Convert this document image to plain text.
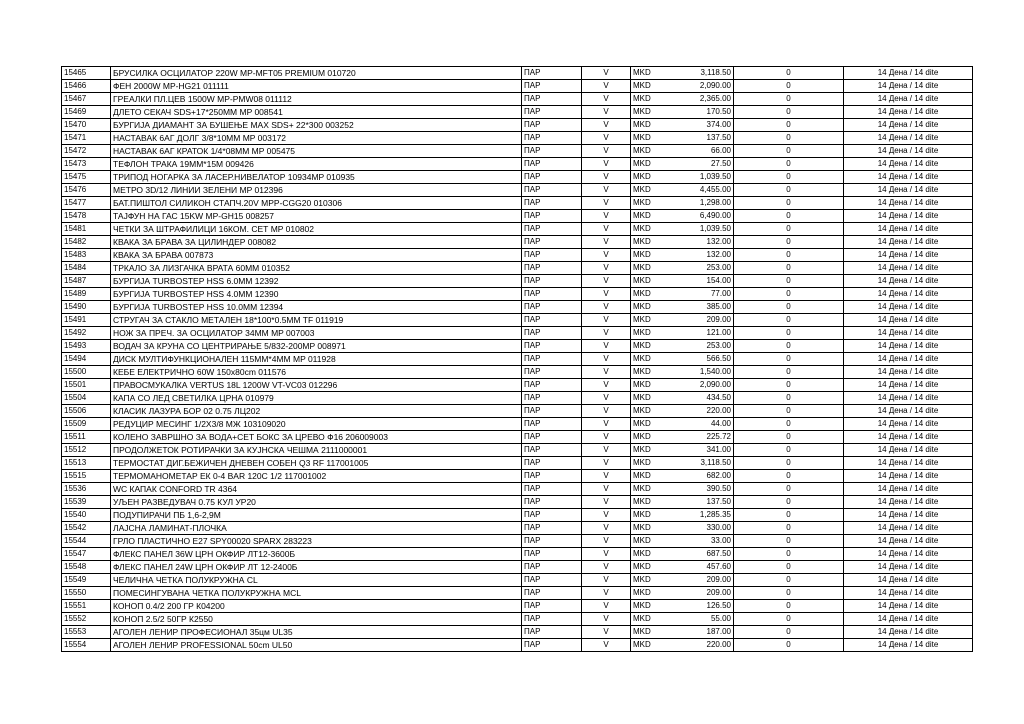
15465	БРУСИЛКА ОСЦИЛАТОР 220W MP-MFT05 PREMIUM 010720	ПАР	V	MKD	3,118.50	0	14 Дена / 14 dite
15466	ФЕН 2000W MP-HG21 011111	ПАР	V	MKD	2,090.00	0	14 Дена / 14 dite
15467	ГРЕАЛКИ ПЛ.ЦЕВ 1500W MP-PMW08 011112	ПАР	V	MKD	2,365.00	0	14 Дена / 14 dite
15469	ДЛЕТО СЕКАЧ SDS+17*250MM MP 008541	ПАР	V	MKD	170.50	0	14 Дена / 14 dite
15470	БУРГИЈА ДИАМАНТ ЗА БУШЕЊЕ MAX SDS+ 22*300 003252	ПАР	V	MKD	374.00	0	14 Дена / 14 dite
15471	НАСТАВАК 6АГ ДОЛГ 3/8*10MM MP 003172	ПАР	V	MKD	137.50	0	14 Дена / 14 dite
15472	НАСТАВАК 6АГ КРАТОК 1/4*08MM MP 005475	ПАР	V	MKD	66.00	0	14 Дена / 14 dite
15473	ТЕФЛОН ТРАКА 19ММ*15М 009426	ПАР	V	MKD	27.50	0	14 Дена / 14 dite
15475	ТРИПОД НОГАРКА ЗА ЛАСЕР.НИВЕЛАТОР 10934MP 010935	ПАР	V	MKD	1,039.50	0	14 Дена / 14 dite
15476	МЕТРО 3D/12 ЛИНИИ ЗЕЛЕНИ MP 012396	ПАР	V	MKD	4,455.00	0	14 Дена / 14 dite
15477	БАТ.ПИШТОЛ СИЛИКОН СТАПЧ.20V MPP-CGG20 010306	ПАР	V	MKD	1,298.00	0	14 Дена / 14 dite
15478	ТАЈФУН НА ГАС 15KW MP-GH15 008257	ПАР	V	MKD	6,490.00	0	14 Дена / 14 dite
15481	ЧЕТКИ ЗА ШТРАФИЛИЦИ 16КОМ. СЕТ MP 010802	ПАР	V	MKD	1,039.50	0	14 Дена / 14 dite
15482	КВАКА ЗА БРАВА ЗА ЦИЛИНДЕР 008082	ПАР	V	MKD	132.00	0	14 Дена / 14 dite
15483	КВАКА ЗА БРАВА 007873	ПАР	V	MKD	132.00	0	14 Дена / 14 dite
15484	ТРКАЛО ЗА ЛИЗГАЧКА ВРАТА 60MM 010352	ПАР	V	MKD	253.00	0	14 Дена / 14 dite
15487	БУРГИЈА TURBOSTEP HSS 6.0MM 12392	ПАР	V	MKD	154.00	0	14 Дена / 14 dite
15489	БУРГИЈА TURBOSTEP HSS 4.0MM 12390	ПАР	V	MKD	77.00	0	14 Дена / 14 dite
15490	БУРГИЈА TURBOSTEP HSS 10.0MM 12394	ПАР	V	MKD	385.00	0	14 Дена / 14 dite
15491	СТРУГАЧ ЗА СТАКЛО МЕТАЛЕН 18*100*0.5MM TF 011919	ПАР	V	MKD	209.00	0	14 Дена / 14 dite
15492	НОЖ ЗА ПРЕЧ. ЗА ОСЦИЛАТОР 34MM MP 007003	ПАР	V	MKD	121.00	0	14 Дена / 14 dite
15493	ВОДАЧ ЗА КРУНА СО ЦЕНТРИРАЊЕ 5/832-200MP 008971	ПАР	V	MKD	253.00	0	14 Дена / 14 dite
15494	ДИСК МУЛТИФУНКЦИОНАЛЕН 115MM*4MM MP 011928	ПАР	V	MKD	566.50	0	14 Дена / 14 dite
15500	КЕБЕ ЕЛЕКТРИЧНО 60W 150x80cm 011576	ПАР	V	MKD	1,540.00	0	14 Дена / 14 dite
15501	ПРАВОСМУКАЛКА VERTUS 18L 1200W VT-VC03 012296	ПАР	V	MKD	2,090.00	0	14 Дена / 14 dite
15504	КАПА СО ЛЕД СВЕТИЛКА ЦРНА 010979	ПАР	V	MKD	434.50	0	14 Дена / 14 dite
15506	КЛАСИК ЛАЗУРА БОР 02 0.75 ЛЦ202	ПАР	V	MKD	220.00	0	14 Дена / 14 dite
15509	РЕДУЦИР МЕСИНГ 1/2Х3/8 МЖ 103109020	ПАР	V	MKD	44.00	0	14 Дена / 14 dite
15511	КОЛЕНО ЗАВРШНО ЗА ВОДА+СЕТ БОКС ЗА ЦРЕВО Ф16 206009003	ПАР	V	MKD	225.72	0	14 Дена / 14 dite
15512	ПРОДОЛЖЕТОК РОТИРАЧКИ ЗА КУЈНСКА ЧЕШМА 2111000001	ПАР	V	MKD	341.00	0	14 Дена / 14 dite
15513	ТЕРМОСТАТ ДИГ.БЕЖИЧЕН ДНЕВЕН СОБЕН Q3 RF 117001005	ПАР	V	MKD	3,118.50	0	14 Дена / 14 dite
15515	ТЕРМОМАНОМЕТАР ЕК 0-4 BAR 120C 1/2 117001002	ПАР	V	MKD	682.00	0	14 Дена / 14 dite
15536	WC КАПАК CONFORD TR 4364	ПАР	V	MKD	390.50	0	14 Дена / 14 dite
15539	УЉЕН РАЗВЕДУВАЧ 0.75 КУЛ УР20	ПАР	V	MKD	137.50	0	14 Дена / 14 dite
15540	ПОДУПИРАЧИ ПБ 1,6-2,9М	ПАР	V	MKD	1,285.35	0	14 Дена / 14 dite
15542	ЛАЈСНА ЛАМИНАТ-ПЛОЧКА	ПАР	V	MKD	330.00	0	14 Дена / 14 dite
15544	ГРЛО ПЛАСТИЧНО Е27 SPY00020 SPARX 283223	ПАР	V	MKD	33.00	0	14 Дена / 14 dite
15547	ФЛЕКС ПАНЕЛ 36W ЦРН ОКФИР ЛТ12-3600Б	ПАР	V	MKD	687.50	0	14 Дена / 14 dite
15548	ФЛЕКС ПАНЕЛ 24W ЦРН ОКФИР ЛТ 12-2400Б	ПАР	V	MKD	457.60	0	14 Дена / 14 dite
15549	ЧЕЛИЧНА ЧЕТКА ПОЛУКРУЖНА CL	ПАР	V	MKD	209.00	0	14 Дена / 14 dite
15550	ПОМЕСИНГУВАНА ЧЕТКА ПОЛУКРУЖНА MCL	ПАР	V	MKD	209.00	0	14 Дена / 14 dite
15551	КОНОП 0.4/2 200 ГР К04200	ПАР	V	MKD	126.50	0	14 Дена / 14 dite
15552	КОНОП 2.5/2 50ГР К2550	ПАР	V	MKD	55.00	0	14 Дена / 14 dite
15553	АГОЛЕН ЛЕНИР ПРОФЕСИОНАЛ 35цм UL35	ПАР	V	MKD	187.00	0	14 Дена / 14 dite
15554	АГОЛЕН ЛЕНИР PROFESSIONAL 50cm UL50	ПАР	V	MKD	220.00	0	14 Дена / 14 dite
